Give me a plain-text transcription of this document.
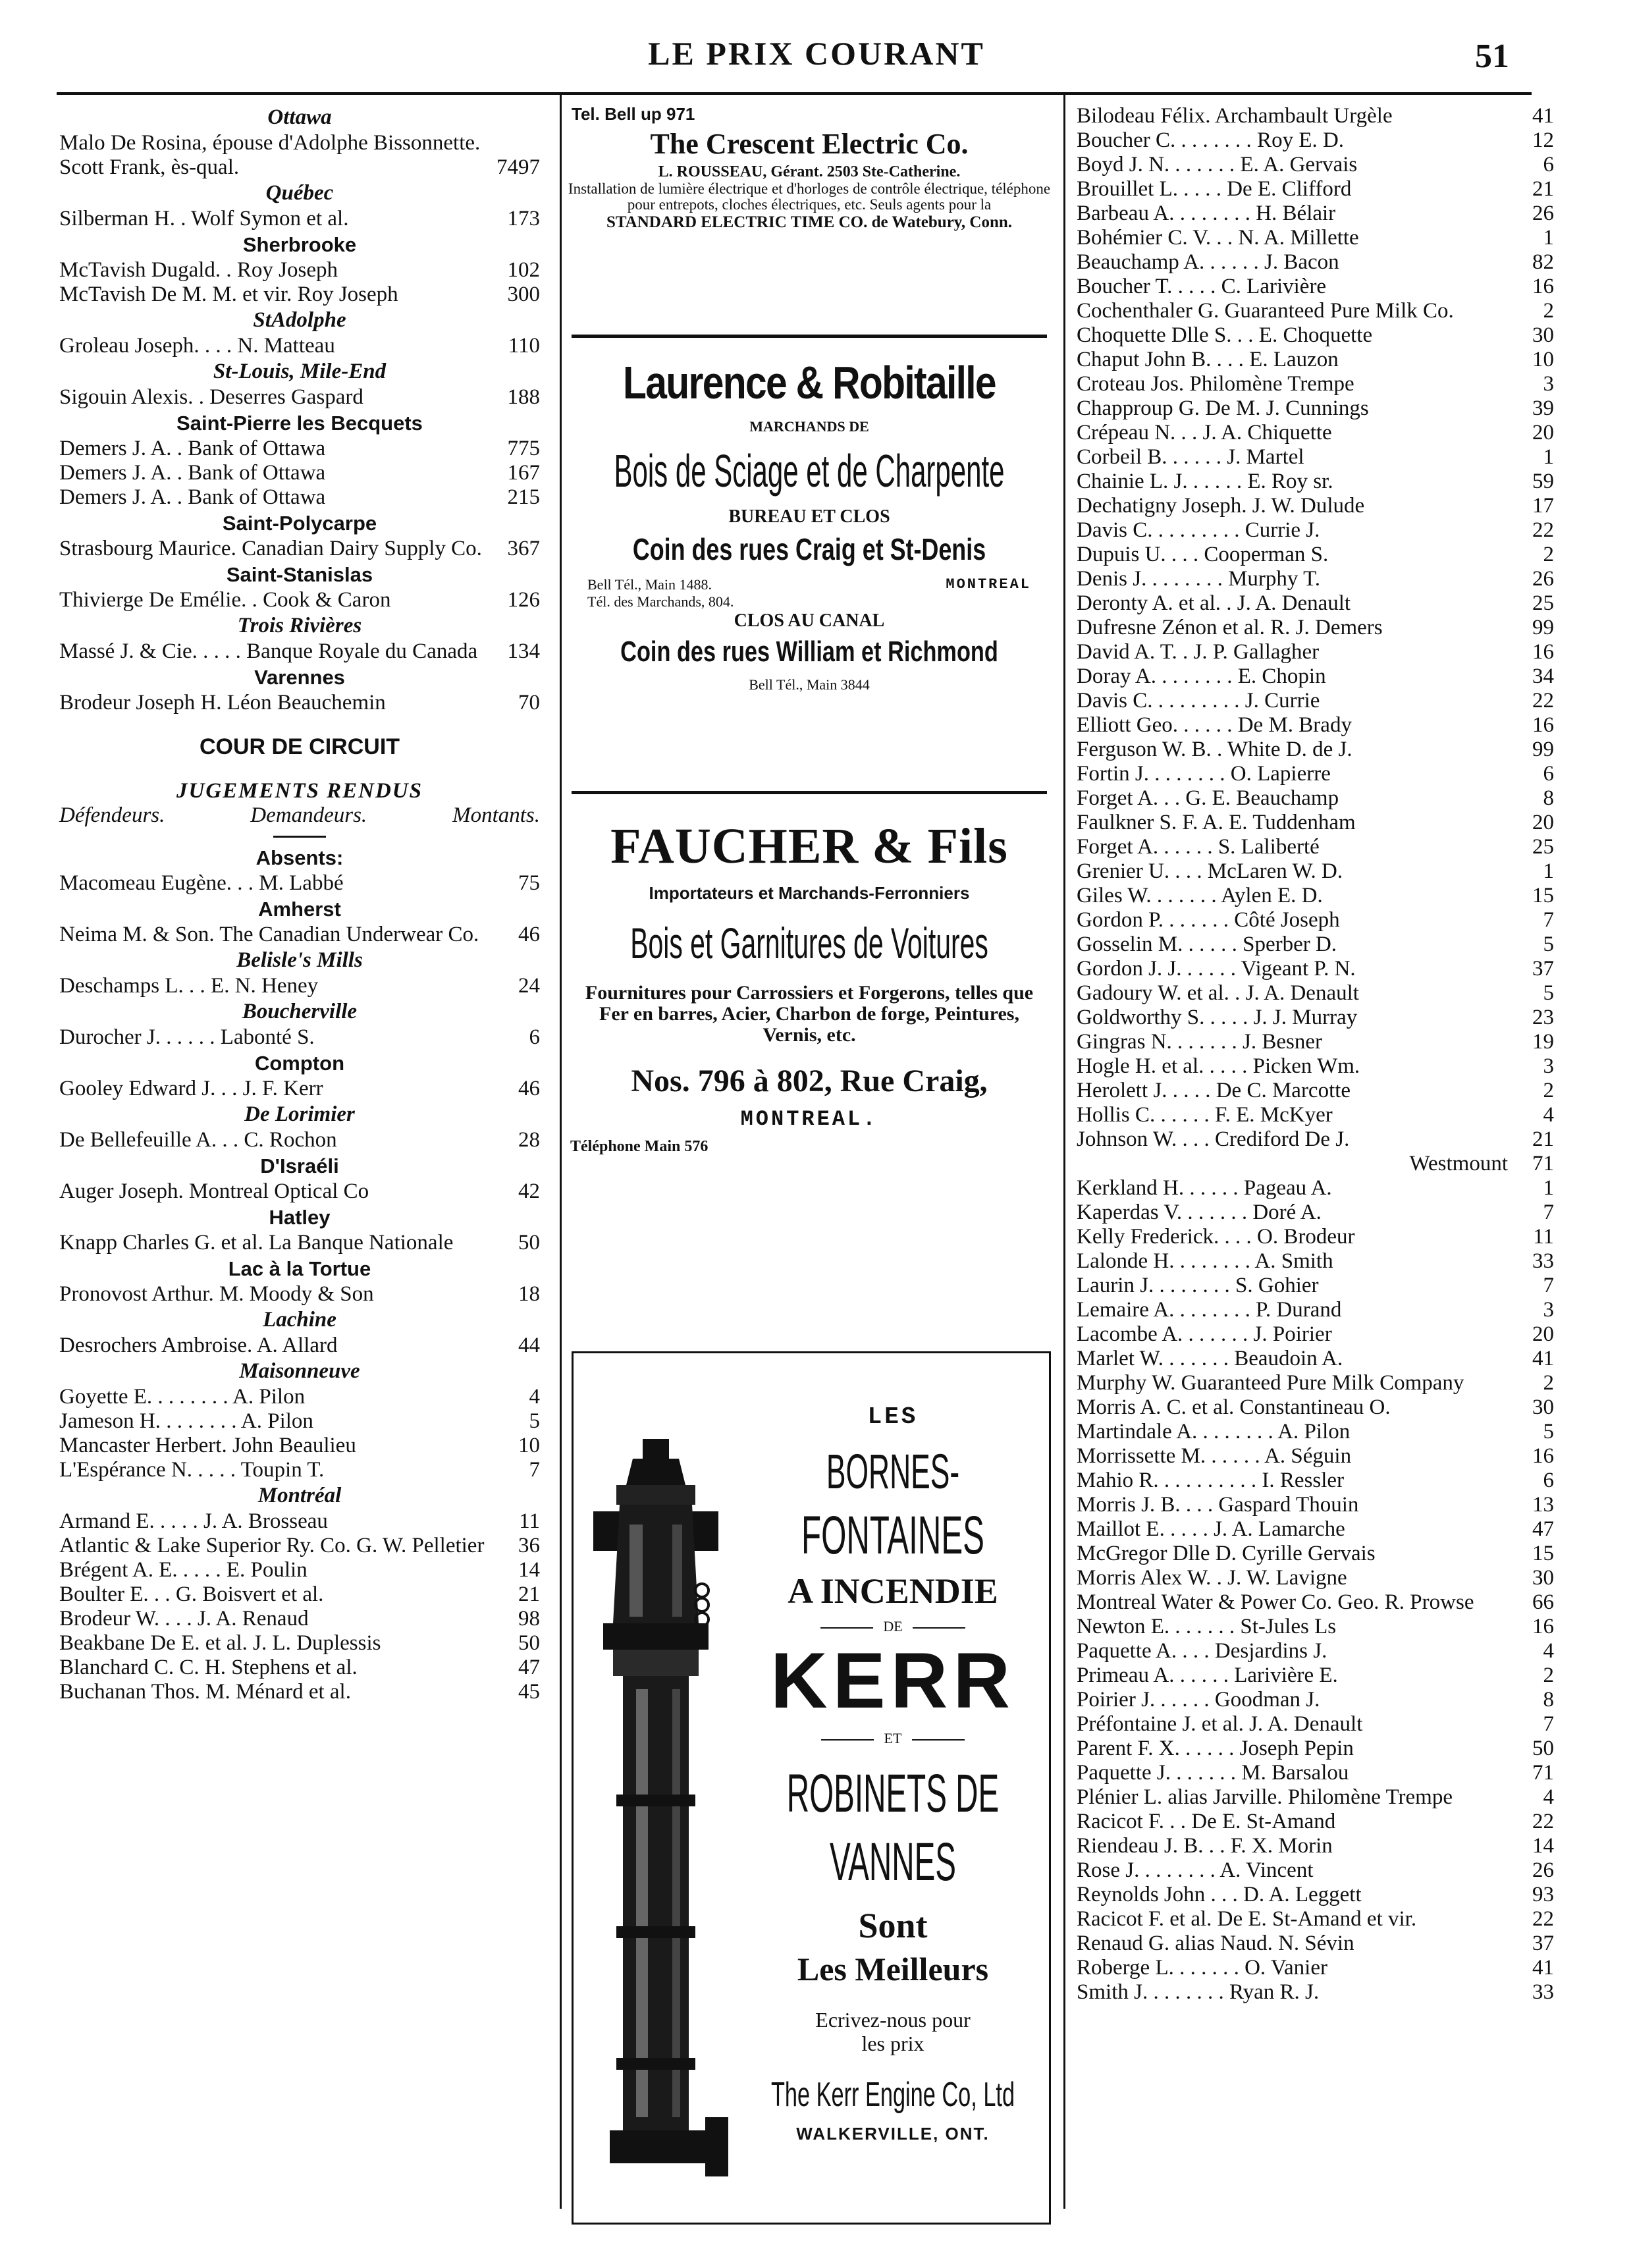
LE PRIX COURANT	51
Ottawa
Malo De Rosina, épouse d'Adolphe Bissonnette. Scott Frank, ès-qual.	7497
Québec
Silberman H. . Wolf Symon et al.	173
Sherbrooke
McTavish Dugald. . Roy Joseph	102
McTavish De M. M. et vir. Roy Joseph	300
StAdolphe
Groleau Joseph. . . . N. Matteau	110
St-Louis, Mile-End
Sigouin Alexis. . Deserres Gaspard	188
Saint-Pierre les Becquets
Demers J. A. . Bank of Ottawa	775
Demers J. A. . Bank of Ottawa	167
Demers J. A. . Bank of Ottawa	215
Saint-Polycarpe
Strasbourg Maurice. Canadian Dairy Supply Co.	367
Saint-Stanislas
Thivierge De Emélie. . Cook & Caron	126
Trois Rivières
Massé J. & Cie. . . . . Banque Royale du Canada	134
Varennes
Brodeur Joseph H. Léon Beauchemin	70
COUR DE CIRCUIT
JUGEMENTS RENDUS
Défendeurs.	Demandeurs.	Montants.
Absents:
Macomeau Eugène. . . M. Labbé	75
Amherst
Neima M. & Son. The Canadian Underwear Co.	46
Belisle's Mills
Deschamps L. . . E. N. Heney	24
Boucherville
Durocher J. . . . . . Labonté S.	6
Compton
Gooley Edward J. . . J. F. Kerr	46
De Lorimier
De Bellefeuille A. . . C. Rochon	28
D'Israéli
Auger Joseph. Montreal Optical Co	42
Hatley
Knapp Charles G. et al. La Banque Nationale	50
Lac à la Tortue
Pronovost Arthur. M. Moody & Son	18
Lachine
Desrochers Ambroise. A. Allard	44
Maisonneuve
Goyette E. . . . . . . . A. Pilon	4
Jameson H. . . . . . . . A. Pilon	5
Mancaster Herbert. John Beaulieu	10
L'Espérance N. . . . . Toupin T.	7
Montréal
Armand E. . . . . J. A. Brosseau	11
Atlantic & Lake Superior Ry. Co. G. W. Pelletier	36
Brégent A. E. . . . . E. Poulin	14
Boulter E. . . G. Boisvert et al.	21
Brodeur W. . . . J. A. Renaud	98
Beakbane De E. et al. J. L. Duplessis	50
Blanchard C. C. H. Stephens et al.	47
Buchanan Thos. M. Ménard et al.	45
Tel. Bell up 971
The Crescent Electric Co.
L. ROUSSEAU, Gérant. 2503 Ste-Catherine.
Installation de lumière électrique et d'horloges de contrôle électrique, téléphone pour entrepots, cloches électriques, etc. Seuls agents pour la
STANDARD ELECTRIC TIME CO. de Watebury, Conn.
Laurence & Robitaille
MARCHANDS DE
Bois de Sciage et de Charpente
BUREAU ET CLOS
Coin des rues Craig et St-Denis
Bell Tél., Main 1488.	MONTREAL
Tél. des Marchands, 804.
CLOS AU CANAL
Coin des rues William et Richmond
Bell Tél., Main 3844
FAUCHER & Fils
Importateurs et Marchands-Ferronniers
Bois et Garnitures de Voitures
Fournitures pour Carrossiers et Forgerons, telles que Fer en barres, Acier, Charbon de forge, Peintures, Vernis, etc.
Nos. 796 à 802, Rue Craig,
MONTREAL.
Téléphone Main 576
LES
BORNES-
FONTAINES
A INCENDIE
DE
KERR
ET
ROBINETS DE
VANNES
Sont
Les Meilleurs
Ecrivez-nous pour les prix
The Kerr Engine Co, Ltd
WALKERVILLE, ONT.
Bilodeau Félix. Archambault Urgèle	41
Boucher C. . . . . . . . Roy E. D.	12
Boyd J. N. . . . . . . E. A. Gervais	6
Brouillet L. . . . . De E. Clifford	21
Barbeau A. . . . . . . . H. Bélair	26
Bohémier C. V. . . N. A. Millette	1
Beauchamp A. . . . . . J. Bacon	82
Boucher T. . . . . C. Larivière	16
Cochenthaler G. Guaranteed Pure Milk Co.	2
Choquette Dlle S. . . E. Choquette	30
Chaput John B. . . . E. Lauzon	10
Croteau Jos. Philomène Trempe	3
Chapproup G. De M. J. Cunnings	39
Crépeau N. . . J. A. Chiquette	20
Corbeil B. . . . . . J. Martel	1
Chainie L. J. . . . . . E. Roy sr.	59
Dechatigny Joseph. J. W. Dulude	17
Davis C. . . . . . . . . Currie J.	22
Dupuis U. . . . Cooperman S.	2
Denis J. . . . . . . . Murphy T.	26
Deronty A. et al. . J. A. Denault	25
Dufresne Zénon et al. R. J. Demers	99
David A. T. . J. P. Gallagher	16
Doray A. . . . . . . . E. Chopin	34
Davis C. . . . . . . . . J. Currie	22
Elliott Geo. . . . . . De M. Brady	16
Ferguson W. B. . White D. de J.	99
Fortin J. . . . . . . . O. Lapierre	6
Forget A. . . G. E. Beauchamp	8
Faulkner S. F. A. E. Tuddenham	20
Forget A. . . . . . S. Laliberté	25
Grenier U. . . . McLaren W. D.	1
Giles W. . . . . . . Aylen E. D.	15
Gordon P. . . . . . . Côté Joseph	7
Gosselin M. . . . . . Sperber D.	5
Gordon J. J. . . . . . Vigeant P. N.	37
Gadoury W. et al. . J. A. Denault	5
Goldworthy S. . . . . J. J. Murray	23
Gingras N. . . . . . . J. Besner	19
Hogle H. et al. . . . . Picken Wm.	3
Herolett J. . . . . De C. Marcotte	2
Hollis C. . . . . . F. E. McKyer	4
Johnson W. . . . Crediford De J.	21
Westmount	71
Kerkland H. . . . . . Pageau A.	1
Kaperdas V. . . . . . . Doré A.	7
Kelly Frederick. . . . O. Brodeur	11
Lalonde H. . . . . . . . A. Smith	33
Laurin J. . . . . . . . S. Gohier	7
Lemaire A. . . . . . . . P. Durand	3
Lacombe A. . . . . . . J. Poirier	20
Marlet W. . . . . . . Beaudoin A.	41
Murphy W. Guaranteed Pure Milk Company	2
Morris A. C. et al. Constantineau O.	30
Martindale A. . . . . . . . A. Pilon	5
Morrissette M. . . . . . A. Séguin	16
Mahio R. . . . . . . . . . I. Ressler	6
Morris J. B. . . . Gaspard Thouin	13
Maillot E. . . . . J. A. Lamarche	47
McGregor Dlle D. Cyrille Gervais	15
Morris Alex W. . J. W. Lavigne	30
Montreal Water & Power Co. Geo. R. Prowse	66
Newton E. . . . . . . St-Jules Ls	16
Paquette A. . . . Desjardins J.	4
Primeau A. . . . . . Larivière E.	2
Poirier J. . . . . . Goodman J.	8
Préfontaine J. et al. J. A. Denault	7
Parent F. X. . . . . . Joseph Pepin	50
Paquette J. . . . . . . M. Barsalou	71
Plénier L. alias Jarville. Philomène Trempe	4
Racicot F. . . De E. St-Amand	22
Riendeau J. B. . . F. X. Morin	14
Rose J. . . . . . . . A. Vincent	26
Reynolds John . . . D. A. Leggett	93
Racicot F. et al. De E. St-Amand et vir.	22
Renaud G. alias Naud. N. Sévin	37
Roberge L. . . . . . . O. Vanier	41
Smith J. . . . . . . . Ryan R. J.	33
